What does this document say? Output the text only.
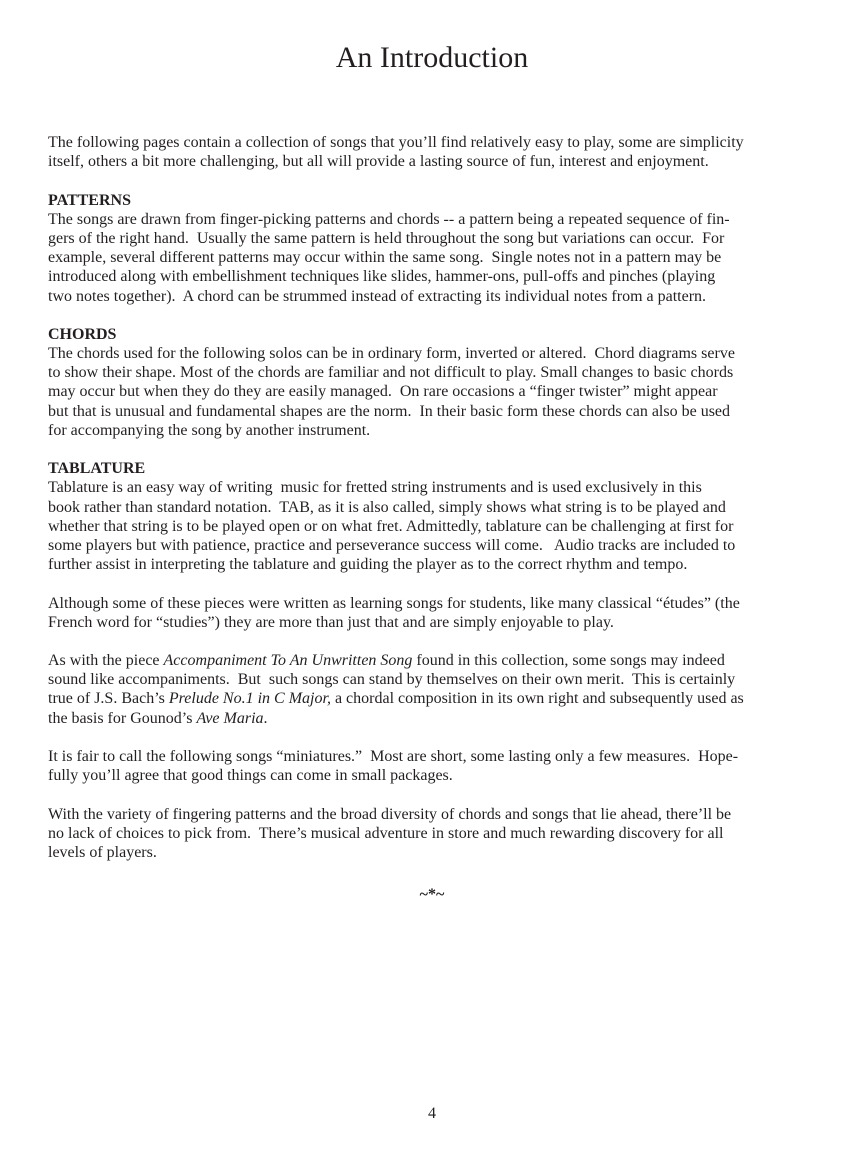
An Introduction
The following pages contain a collection of songs that you’ll find relatively easy to play, some are simplicity
itself, others a bit more challenging, but all will provide a lasting source of fun, interest and enjoyment.
PATTERNS
The songs are drawn from finger-picking patterns and chords -- a pattern being a repeated sequence of fin-
gers of the right hand.  Usually the same pattern is held throughout the song but variations can occur.  For
example, several different patterns may occur within the same song.  Single notes not in a pattern may be
introduced along with embellishment techniques like slides, hammer-ons, pull-offs and pinches (playing
two notes together).  A chord can be strummed instead of extracting its individual notes from a pattern.
CHORDS
The chords used for the following solos can be in ordinary form, inverted or altered.  Chord diagrams serve
to show their shape. Most of the chords are familiar and not difficult to play. Small changes to basic chords
may occur but when they do they are easily managed.  On rare occasions a “finger twister” might appear
but that is unusual and fundamental shapes are the norm.  In their basic form these chords can also be used
for accompanying the song by another instrument.
TABLATURE
Tablature is an easy way of writing  music for fretted string instruments and is used exclusively in this
book rather than standard notation.  TAB, as it is also called, simply shows what string is to be played and
whether that string is to be played open or on what fret. Admittedly, tablature can be challenging at first for
some players but with patience, practice and perseverance success will come.   Audio tracks are included to
further assist in interpreting the tablature and guiding the player as to the correct rhythm and tempo.
Although some of these pieces were written as learning songs for students, like many classical “études” (the
French word for “studies”) they are more than just that and are simply enjoyable to play.
As with the piece Accompaniment To An Unwritten Song found in this collection, some songs may indeed
sound like accompaniments.  But  such songs can stand by themselves on their own merit.  This is certainly
true of J.S. Bach’s Prelude No.1 in C Major, a chordal composition in its own right and subsequently used as
the basis for Gounod’s Ave Maria.
It is fair to call the following songs “miniatures.”  Most are short, some lasting only a few measures.  Hope-
fully you’ll agree that good things can come in small packages.
With the variety of fingering patterns and the broad diversity of chords and songs that lie ahead, there’ll be
no lack of choices to pick from.  There’s musical adventure in store and much rewarding discovery for all
levels of players.
~*~
4
